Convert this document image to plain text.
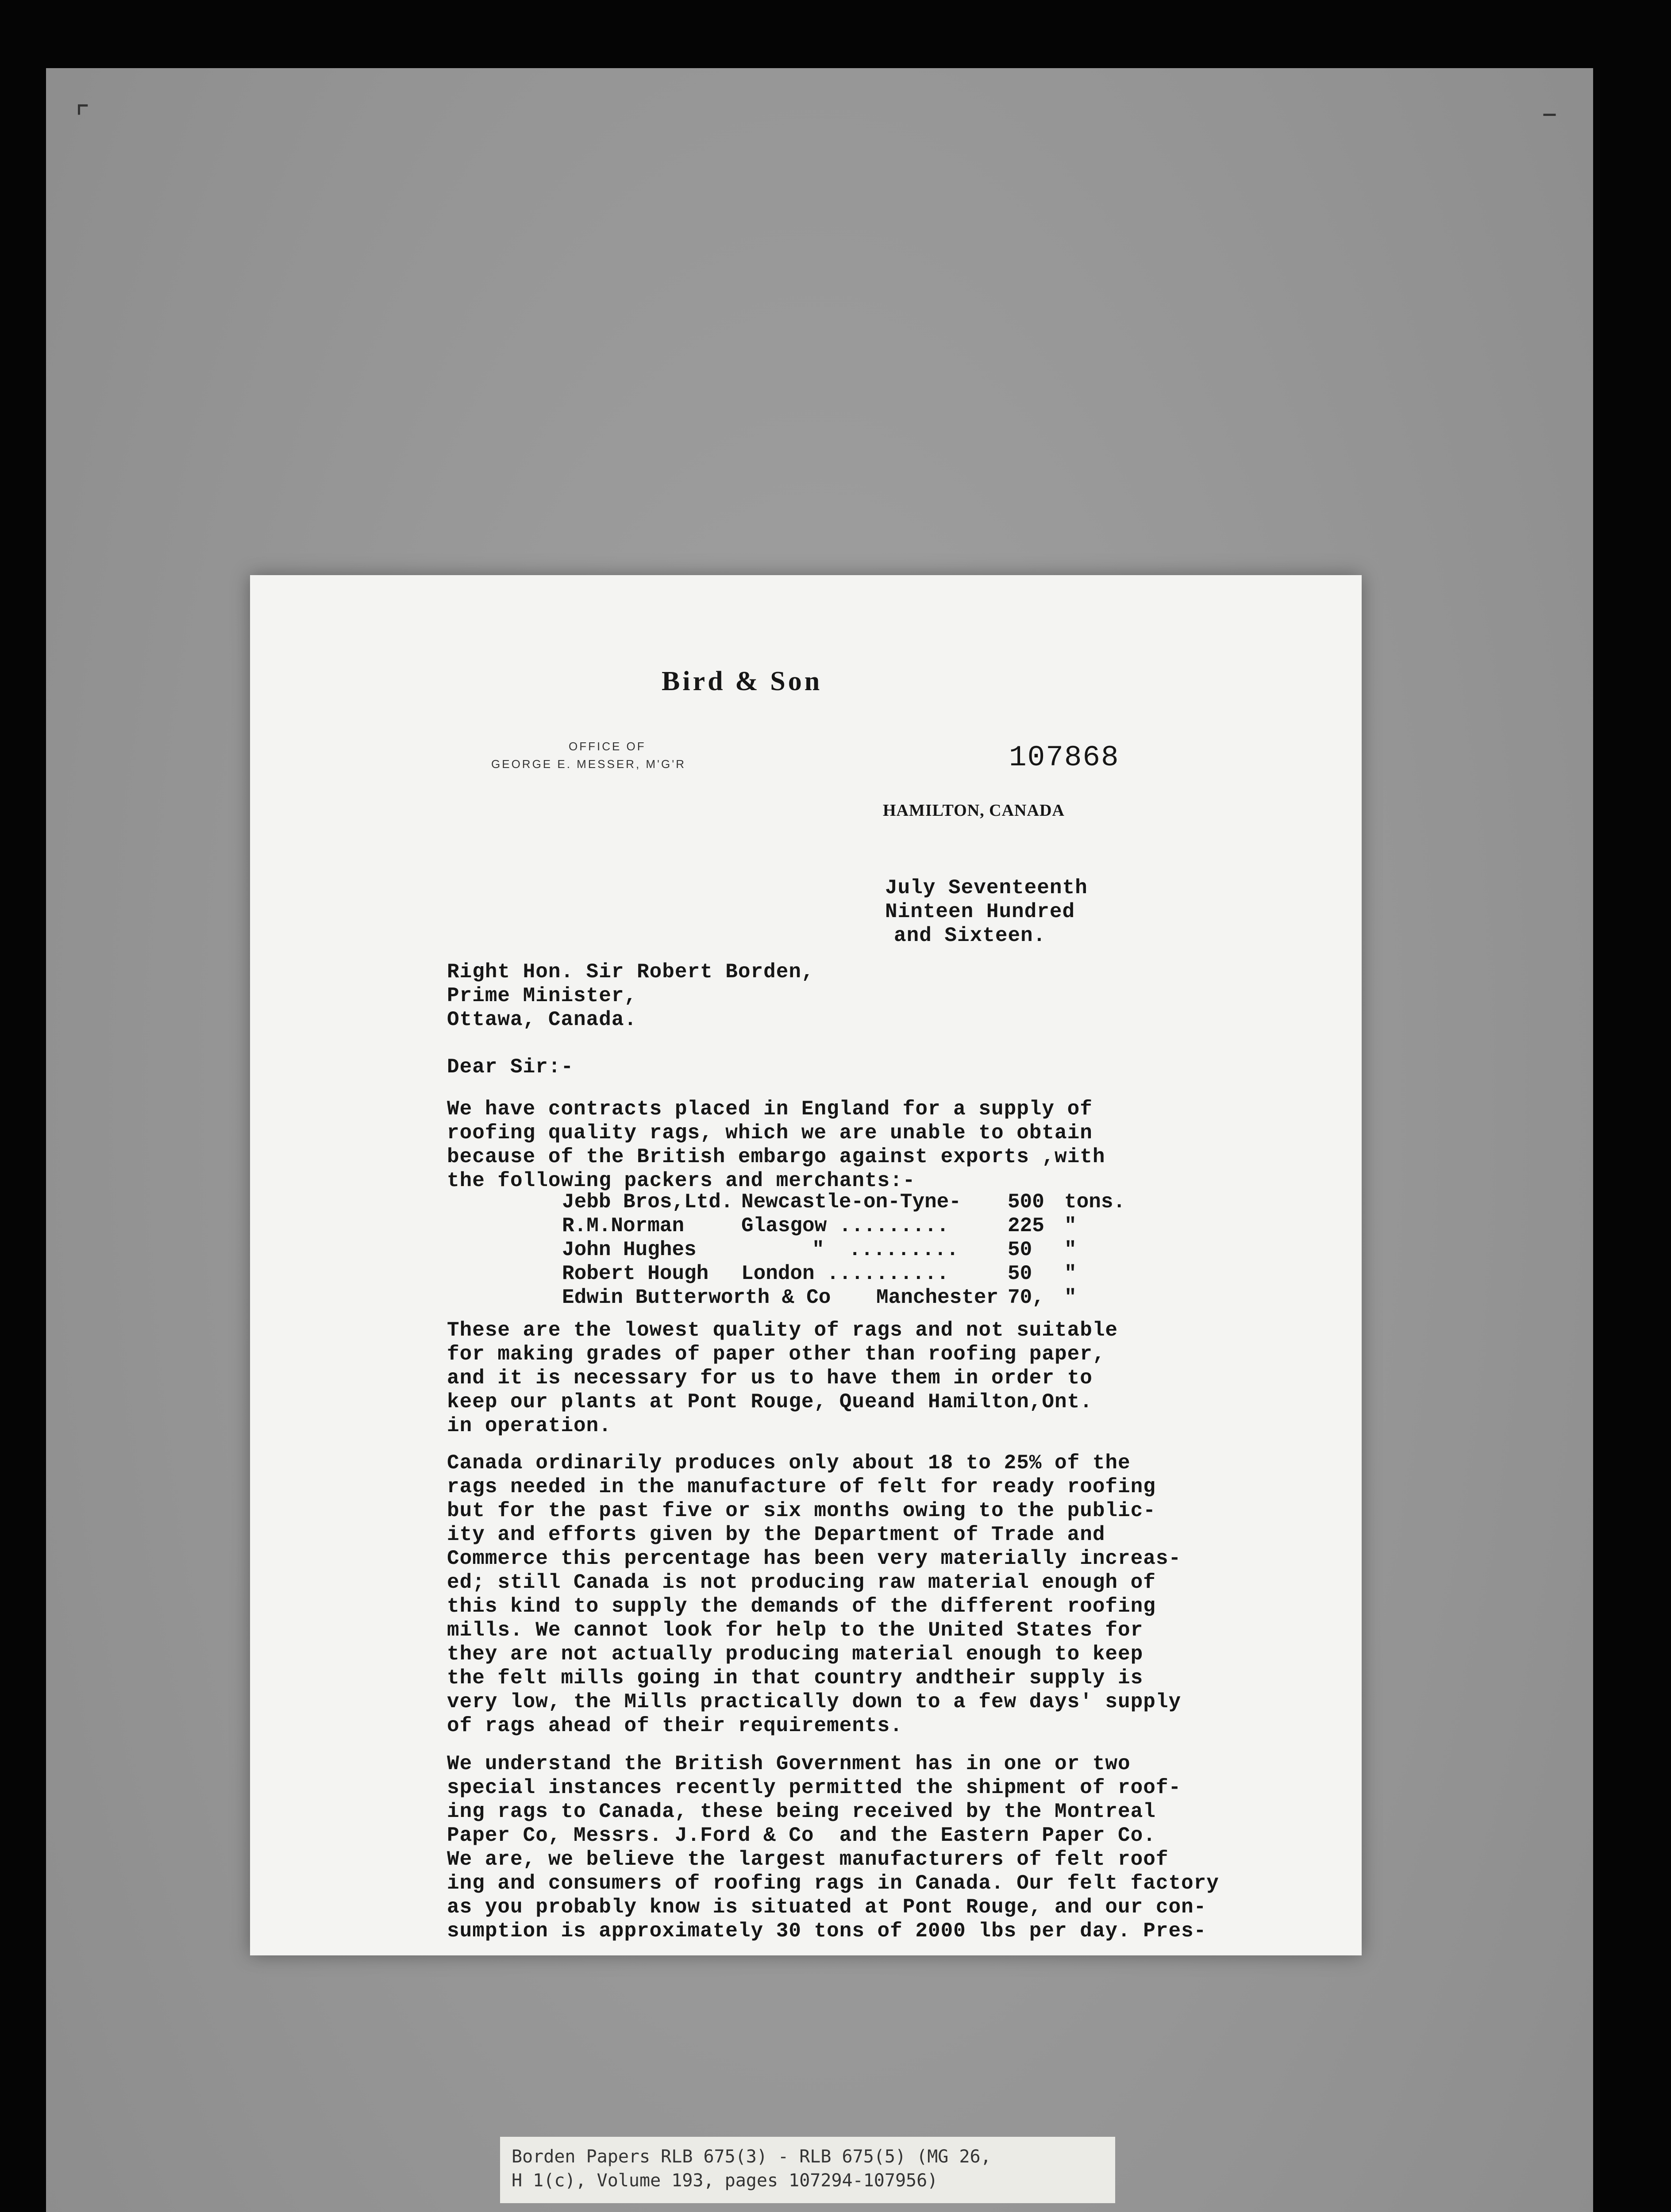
⌜	–
Bird & Son
OFFICE OF
GEORGE E. MESSER, M'G'R	107868
HAMILTON, CANADA
July Seventeenth
Ninteen Hundred
and Sixteen.
Right Hon. Sir Robert Borden,
Prime Minister,
Ottawa, Canada.
Dear Sir:-
We have contracts placed in England for a supply of
roofing quality rags, which we are unable to obtain
because of the British embargo against exports ,with
the following packers and merchants:-
Jebb Bros,Ltd. Newcastle-on-Tyne- 500 tons.
R.M.Norman	Glasgow .........	225 "
John Hughes	"  ......... 50 "
Robert Hough London ..........	50 "
Edwin Butterworth & Co Manchester 70, "
These are the lowest quality of rags and not suitable
for making grades of paper other than roofing paper,
and it is necessary for us to have them in order to
keep our plants at Pont Rouge, Queand Hamilton,Ont.
in operation.
Canada ordinarily produces only about 18 to 25% of the
rags needed in the manufacture of felt for ready roofing
but for the past five or six months owing to the public-
ity and efforts given by the Department of Trade and
Commerce this percentage has been very materially increas-
ed; still Canada is not producing raw material enough of
this kind to supply the demands of the different roofing
mills. We cannot look for help to the United States for
they are not actually producing material enough to keep
the felt mills going in that country andtheir supply is
very low, the Mills practically down to a few days' supply
of rags ahead of their requirements.
We understand the British Government has in one or two
special instances recently permitted the shipment of roof-
ing rags to Canada, these being received by the Montreal
Paper Co, Messrs. J.Ford & Co  and the Eastern Paper Co.
We are, we believe the largest manufacturers of felt roof
ing and consumers of roofing rags in Canada. Our felt factory
as you probably know is situated at Pont Rouge, and our con-
sumption is approximately 30 tons of 2000 lbs per day. Pres-
Borden Papers RLB 675(3) - RLB 675(5) (MG 26,
H 1(c), Volume 193, pages 107294-107956)
